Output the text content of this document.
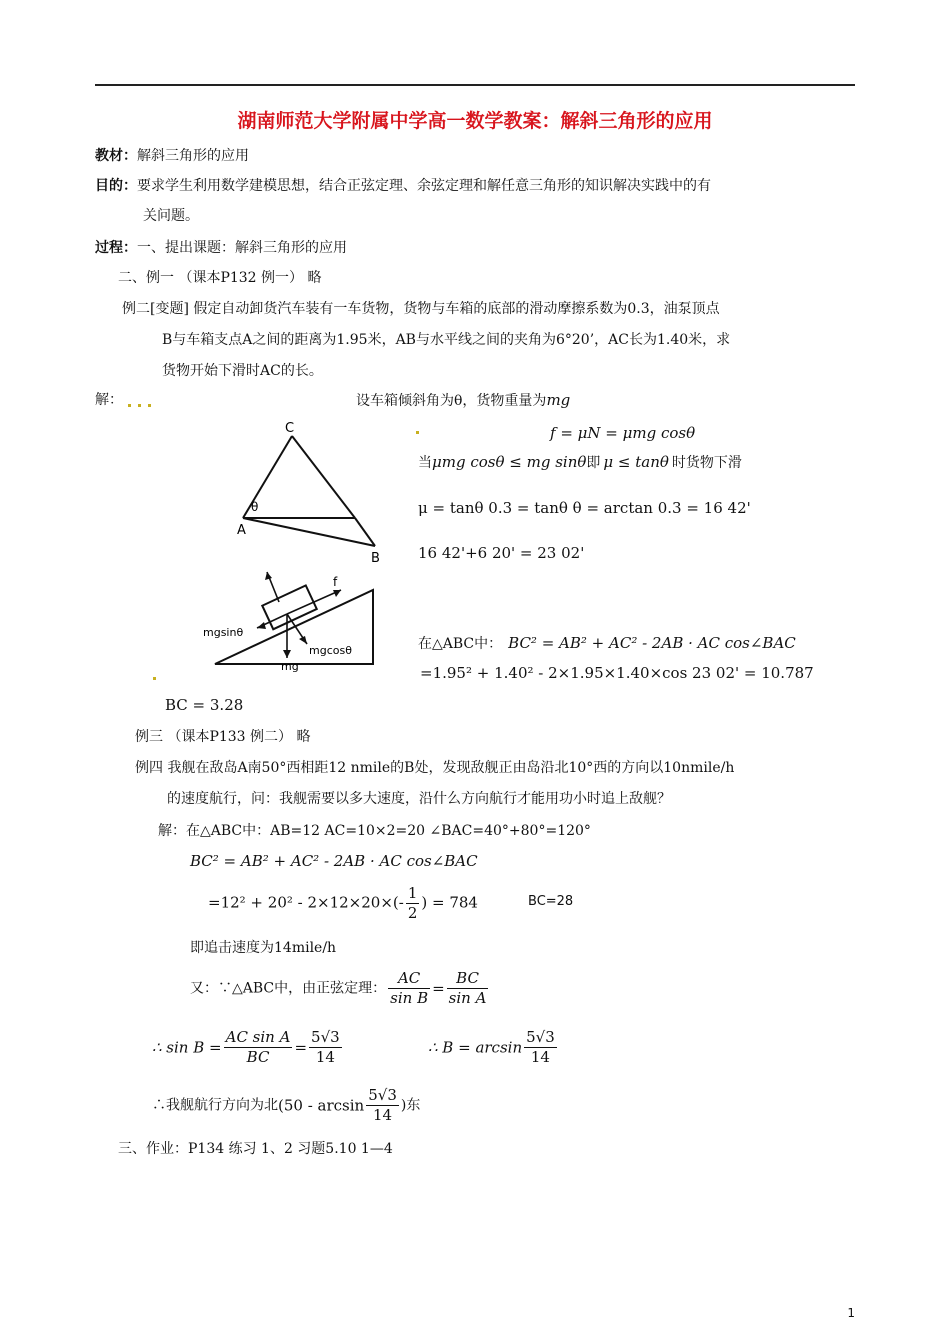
湖南师范大学附属中学高一数学教案：解斜三角形的应用
教材：解斜三角形的应用
目的：要求学生利用数学建模思想，结合正弦定理、余弦定理和解任意三角形的知识解决实践中的有
关问题。
过程：一、提出课题：解斜三角形的应用
二、例一 （课本P132 例一） 略
例二[变题] 假定自动卸货汽车装有一车货物，货物与车箱的底部的滑动摩擦系数为0.3，油泵顶点
B与车箱支点A之间的距离为1.95米，AB与水平线之间的夹角为6°20’，AC长为1.40米，求
货物开始下滑时AC的长。
解：	设车箱倾斜角为θ，货物重量为mg
C
θ
A
B
f
mgsinθ
mgcosθ
mg
f = μN = μmg cosθ
当μmg cosθ ≤ mg sinθ即 μ ≤ tanθ 时货物下滑
μ = tanθ 0.3 = tanθ θ = arctan 0.3 = 16 42'
16 42'+6 20' = 23 02'
在△ABC中： BC² = AB² + AC² - 2AB · AC cos∠BAC
=1.95² + 1.40² - 2×1.95×1.40×cos 23 02' = 10.787
BC = 3.28
例三 （课本P133 例二） 略
例四 我舰在敌岛A南50°西相距12 nmile的B处，发现敌舰正由岛沿北10°西的方向以10nmile/h
的速度航行，问：我舰需要以多大速度，沿什么方向航行才能用功小时追上敌舰？
解：在△ABC中：AB=12 AC=10×2=20 ∠BAC=40°+80°=120°
BC² = AB² + AC² - 2AB · AC cos∠BAC
$=12^2 + 20^2 - 2\times 12\times 20\times(- \frac{1}{2}$ ) = 784	BC=28
即追击速度为14mile/h
又：∵△ABC中，由正弦定理： $\frac{AC}{\text{sin B}} = \frac{BC}{\text{sin A}}$
∴ $\sin B = \frac{\text{AC sin A}}{BC} = \frac{5√3}{14}$	∴ $B = \arcsin \frac{5√3}{14}$
∴我舰航行方向为北($50 - \arcsin \frac{5√3}{14}$ )东
三、作业：P134 练习 1、2 习题5.10 1—4
1
